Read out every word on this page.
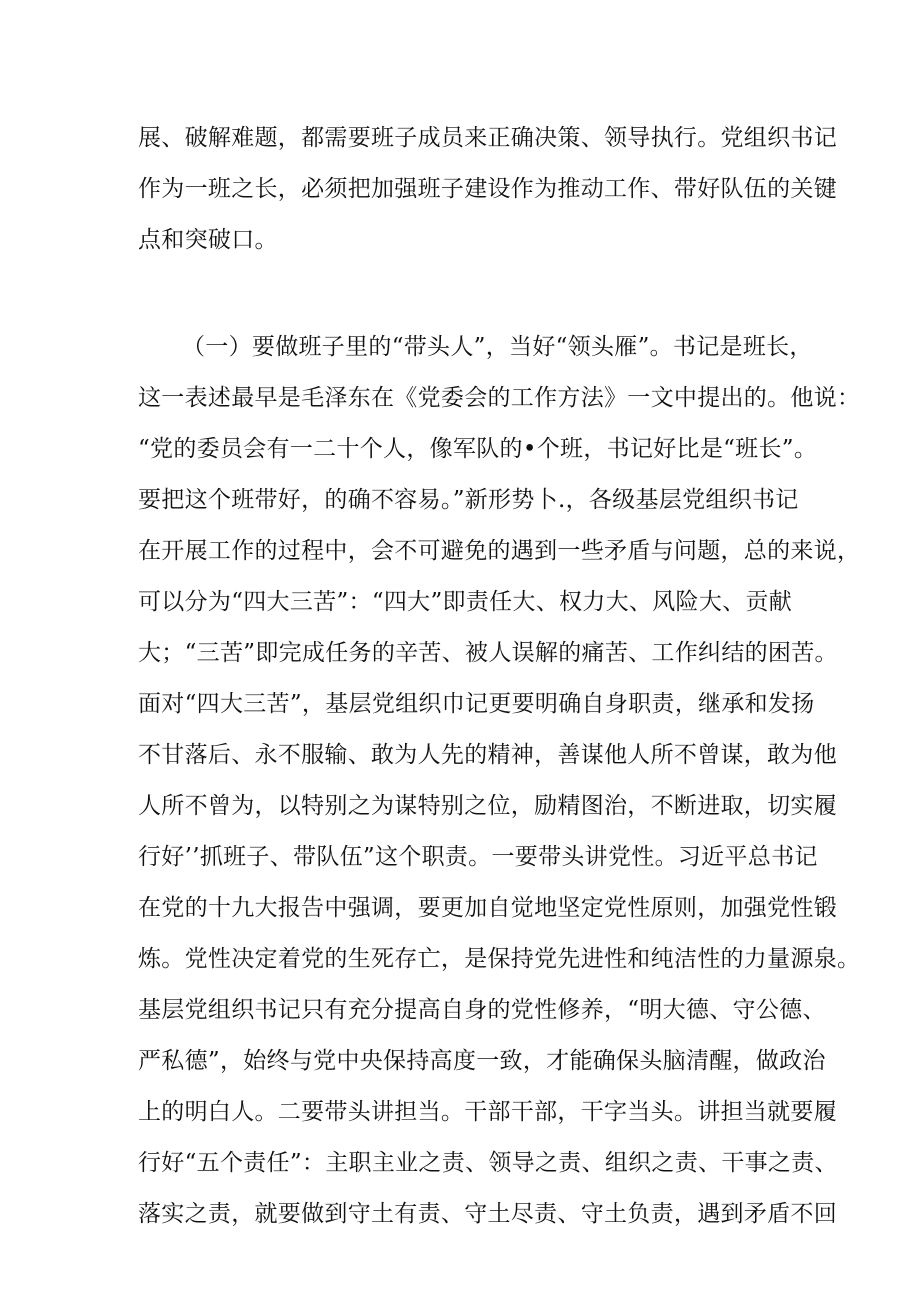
展、破解难题，都需要班子成员来正确决策、领导执行。党组织书记
作为一班之长，必须把加强班子建设作为推动工作、带好队伍的关键
点和突破口。
（一）要做班子里的“带头人”，当好“领头雁”。书记是班长，
这一表述最早是毛泽东在《党委会的工作方法》一文中提出的。他说：
“党的委员会有一二十个人，像军队的•个班，书记好比是“班长”。
要把这个班带好，的确不容易。”新形势卜.，各级基层党组织书记
在开展工作的过程中，会不可避免的遇到一些矛盾与问题，总的来说，
可以分为“四大三苦”：“四大”即责任大、权力大、风险大、贡献
大；“三苦”即完成任务的辛苦、被人误解的痛苦、工作纠结的困苦。
面对“四大三苦”，基层党组织巾记更要明确自身职责，继承和发扬
不甘落后、永不服输、敢为人先的精神，善谋他人所不曾谋，敢为他
人所不曾为，以特别之为谋特别之位，励精图治，不断进取，切实履
行好’’抓班子、带队伍”这个职责。一要带头讲党性。习近平总书记
在党的十九大报告中强调，要更加自觉地坚定党性原则，加强党性锻
炼。党性决定着党的生死存亡，是保持党先进性和纯洁性的力量源泉。
基层党组织书记只有充分提高自身的党性修养，“明大德、守公德、
严私德”，始终与党中央保持高度一致，才能确保头脑清醒，做政治
上的明白人。二要带头讲担当。干部干部，干字当头。讲担当就要履
行好“五个责任”：主职主业之责、领导之责、组织之责、干事之责、
落实之责，就要做到守土有责、守土尽责、守土负责，遇到矛盾不回
